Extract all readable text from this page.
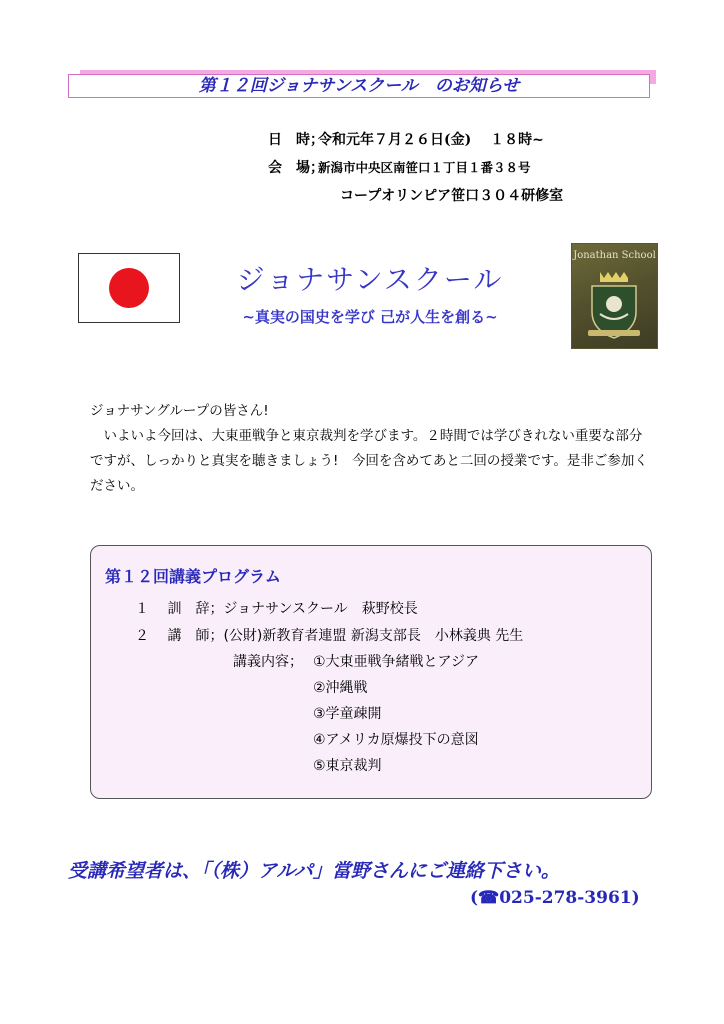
第１２回ジョナサンスクール　のお知らせ
日　時；令和元年７月２６日(金)　 １８時~
会　場；新潟市中央区南笹口１丁目１番３８号
コープオリンピア笹口３０４研修室
ジョナサンスクール
~真実の国史を学び 己が人生を創る~
Jonathan School
ジョナサングループの皆さん!
　いよいよ今回は、大東亜戦争と東京裁判を学びます。２時間では学びきれない重要な部分ですが、しっかりと真実を聴きましょう!　今回を含めてあと二回の授業です。是非ご参加ください。
第１２回講義プログラム
１　 訓　辞；ジョナサンスクール　萩野校長
２　 講　師；(公財)新教育者連盟 新潟支部長　小林義典 先生
講義内容； ①大東亜戦争緒戦とアジア
②沖縄戦
③学童疎開
④アメリカ原爆投下の意図
⑤東京裁判
受講希望者は、「（株）アルパ」當野さんにご連絡下さい。
(☎025-278-3961)
